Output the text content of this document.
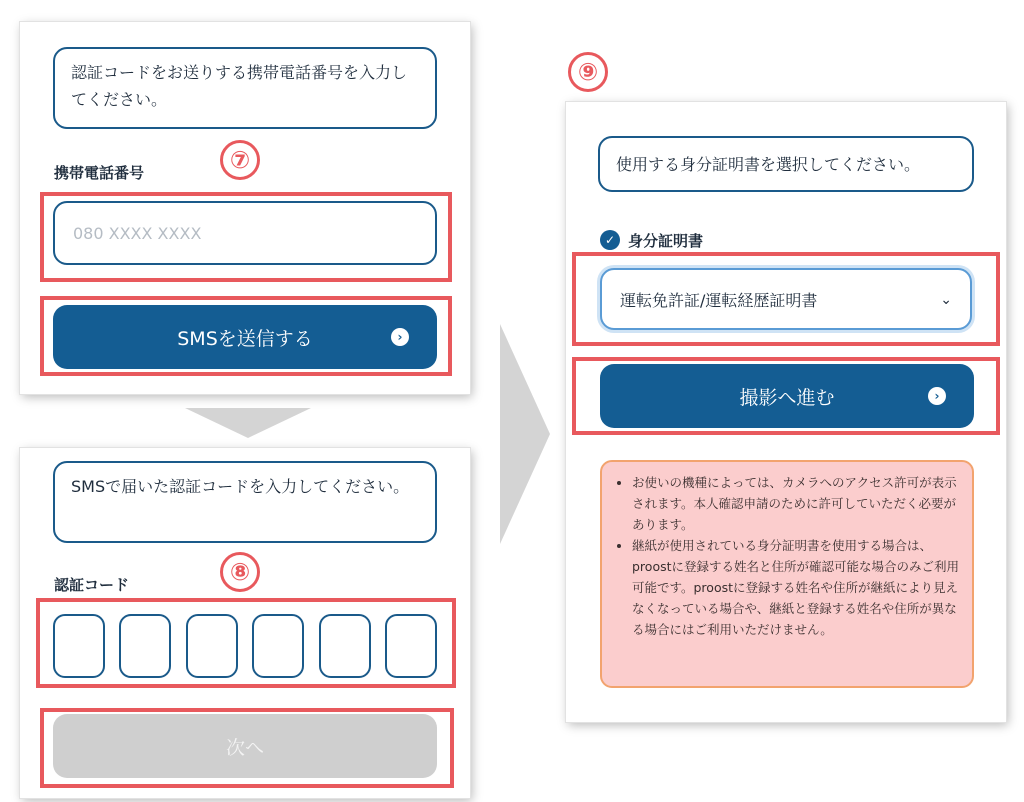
認証コードをお送りする携帯電話番号を入力してください。
携帯電話番号
080 XXXX XXXX
SMSを送信する	›
SMSで届いた認証コードを入力してください。
認証コード
次へ
使用する身分証明書を選択してください。
✓ 身分証明書
運転免許証/運転経歴証明書	⌄
撮影へ進む	›
• お使いの機種によっては、カメラへのアクセス許可が表示されます。本人確認申請のために許可していただく必要があります。
• 継紙が使用されている身分証明書を使用する場合は、proostに登録する姓名と住所が確認可能な場合のみご利用可能です。proostに登録する姓名や住所が継紙により見えなくなっている場合や、継紙と登録する姓名や住所が異なる場合にはご利用いただけません。
⑦
⑧
⑨
